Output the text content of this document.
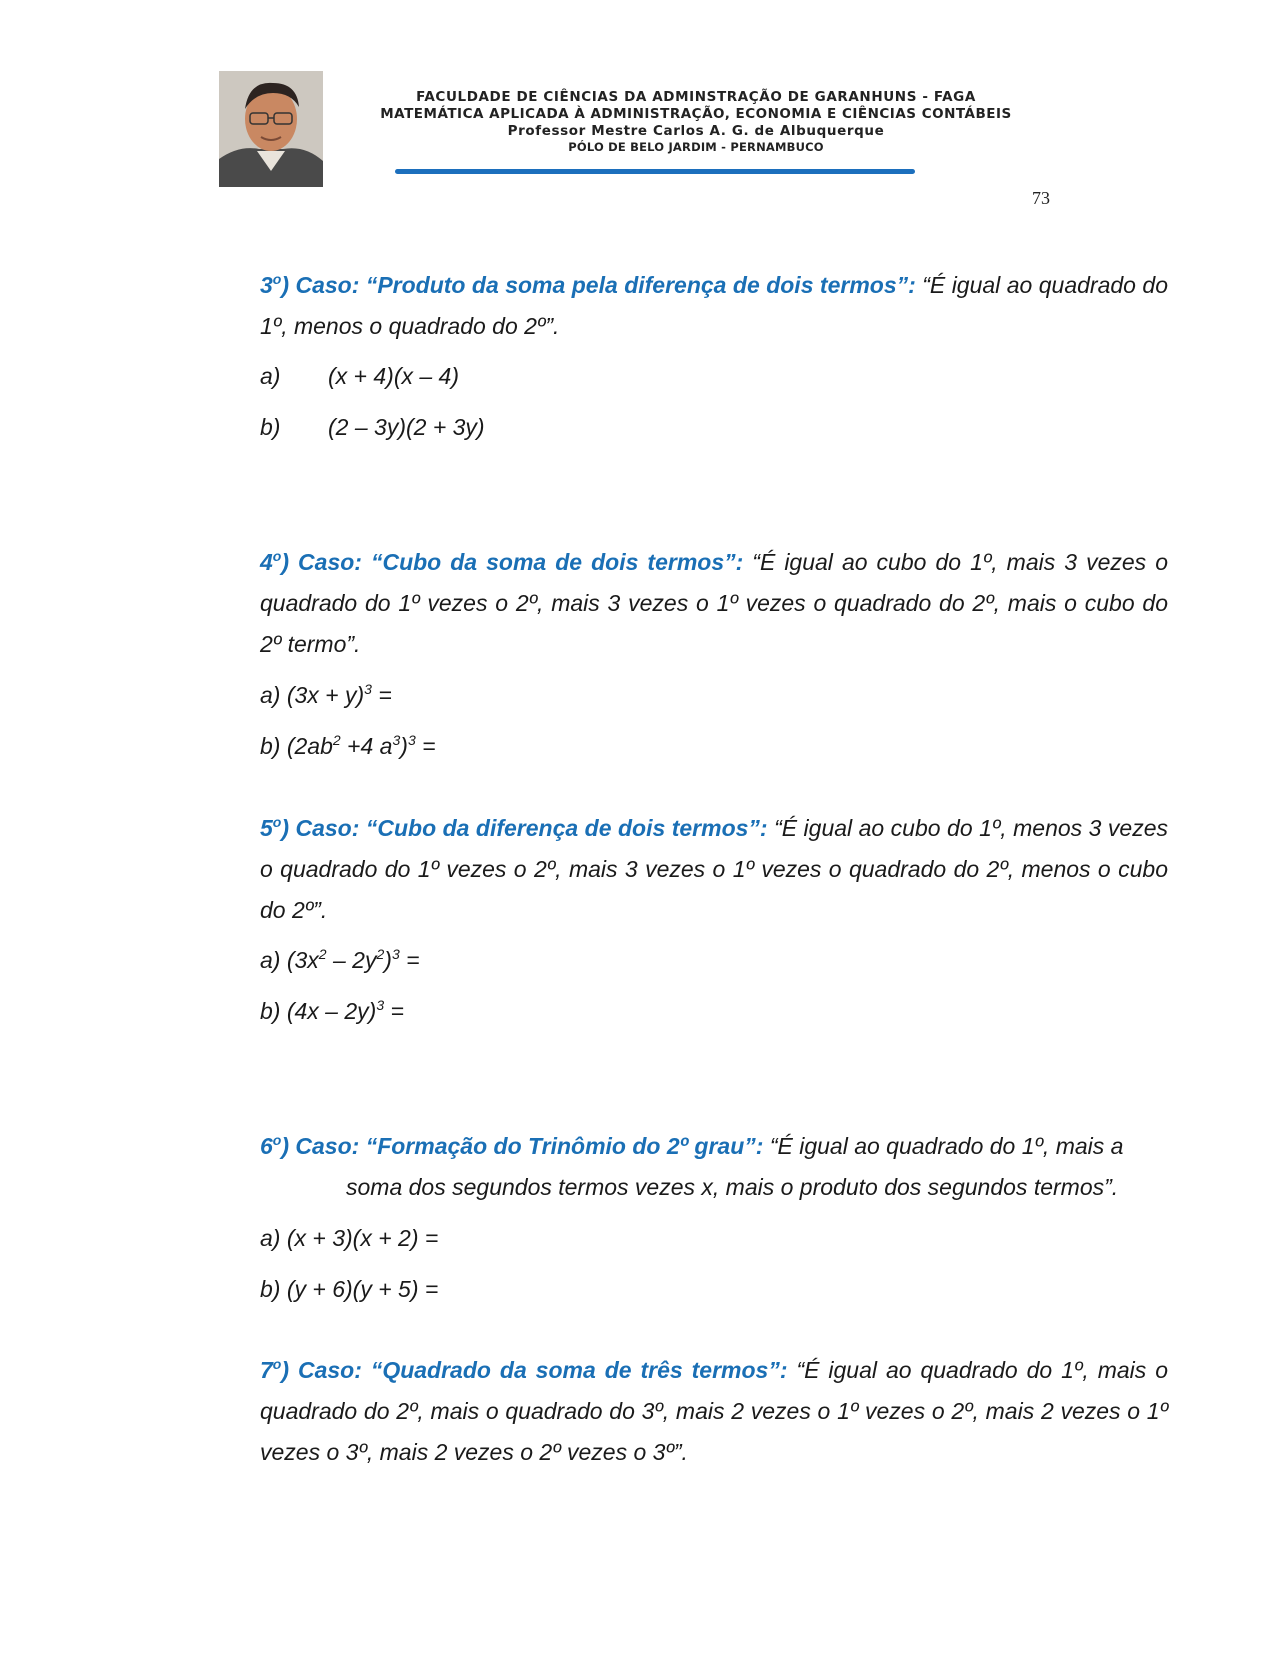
FACULDADE DE CIÊNCIAS DA ADMINSTRAÇÃO DE GARANHUNS - FAGA
MATEMÁTICA APLICADA À ADMINISTRAÇÃO, ECONOMIA E CIÊNCIAS CONTÁBEIS
Professor Mestre Carlos A. G. de Albuquerque
PÓLO DE BELO JARDIM - PERNAMBUCO
73
3$^o$) Caso: “Produto da soma pela diferença de dois termos”: “É igual ao quadrado do 1º, menos o quadrado do 2º”.
a) (x + 4)(x – 4)
b) (2 – 3y)(2 + 3y)
4$^o$) Caso: “Cubo da soma de dois termos”: “É igual ao cubo do 1º, mais 3 vezes o quadrado do 1º vezes o 2º, mais 3 vezes o 1º vezes o quadrado do 2º, mais o cubo do 2º termo”.
a) $(3x + y)^3$ =
b) ($2ab^2 +4$ $a^3)^3$ =
$5^o$) Caso: “Cubo da diferença de dois termos”: “É igual ao cubo do 1º, menos 3 vezes o quadrado do 1º vezes o 2º, mais 3 vezes o 1º vezes o quadrado do 2º, menos o cubo do 2º”.
a) $(3x^2 - 2y^2)^3$ =
b) (4x – 2y)$^3$ =
$6^o$) Caso: “Formação do Trinômio do 2º grau”: “É igual ao quadrado do 1º, mais a
soma dos segundos termos vezes x, mais o produto dos segundos termos”.
a) (x + 3)(x + 2) =
b) (y + 6)(y + 5) =
$7^o$) Caso: “Quadrado da soma de três termos”: “É igual ao quadrado do 1º, mais o quadrado do 2º, mais o quadrado do 3º, mais 2 vezes o 1º vezes o 2º, mais 2 vezes o 1º vezes o 3º, mais 2 vezes o 2º vezes o 3º”.
